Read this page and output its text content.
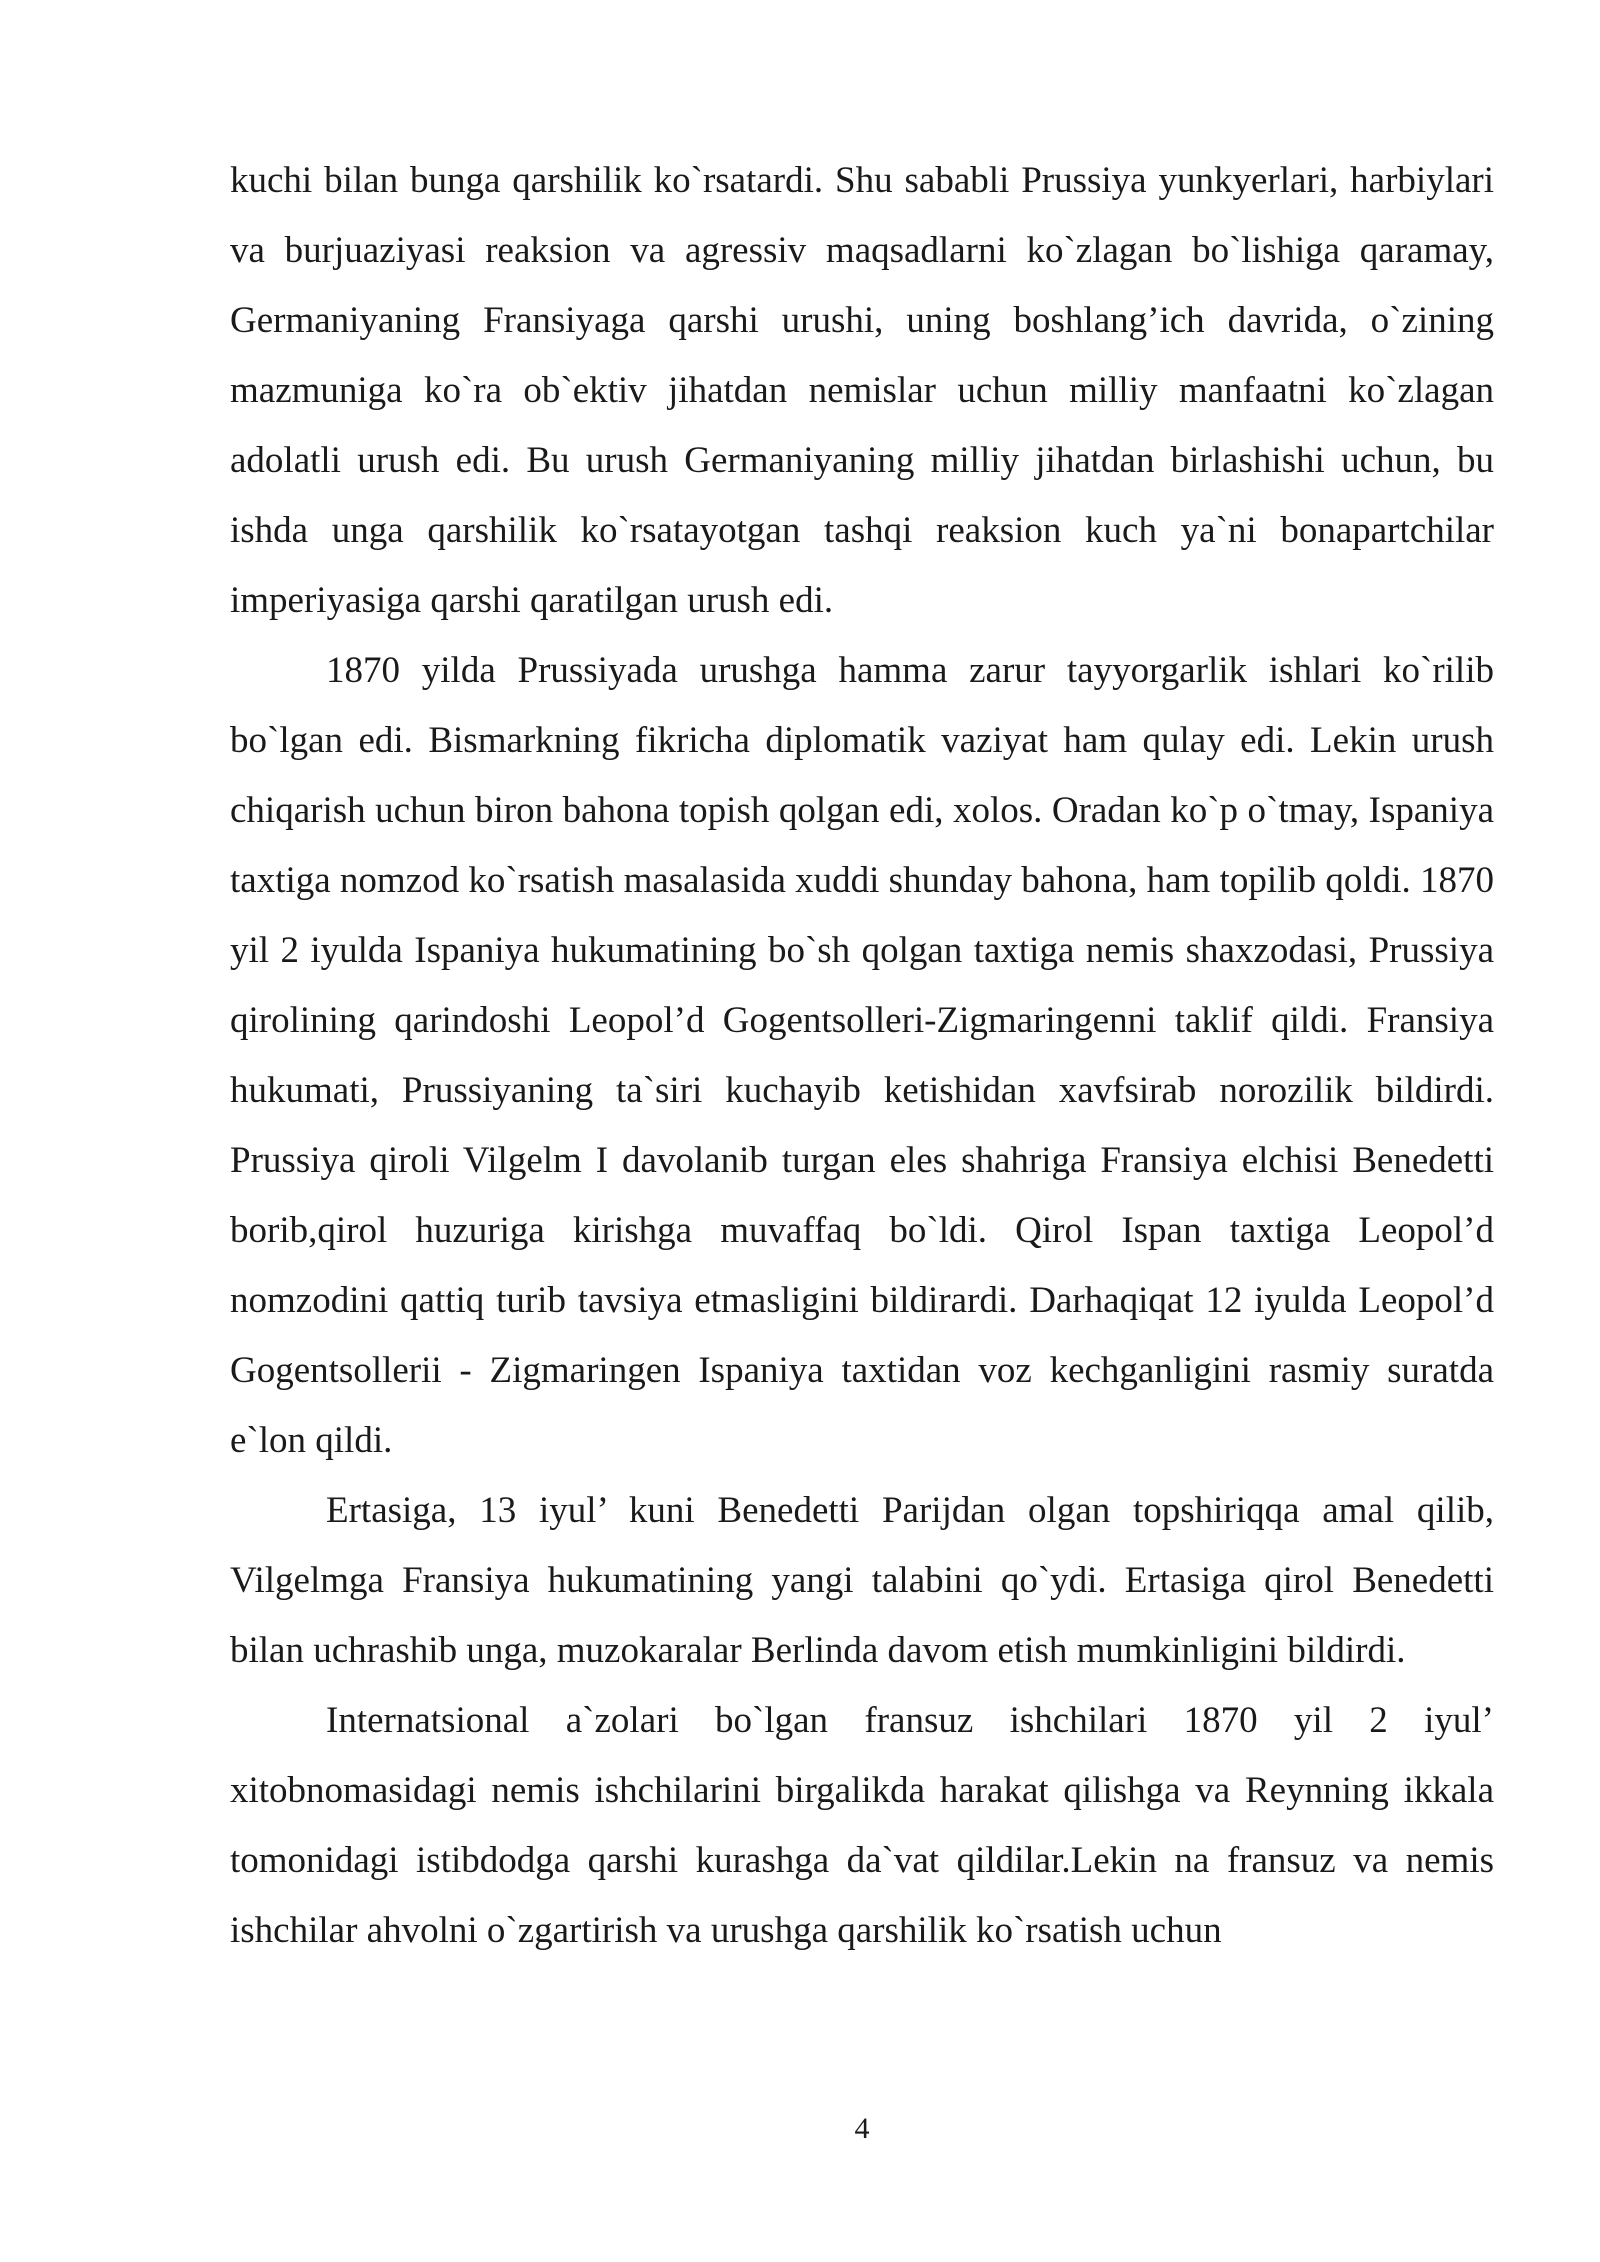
kuchi bilan bunga qarshilik ko`rsatardi. Shu sababli Prussiya yunkyerlari, harbiylari va burjuaziyasi reaksion va agressiv maqsadlarni ko`zlagan bo`lishiga qaramay, Germaniyaning Fransiyaga qarshi urushi, uning boshlang’ich davrida, o`zining mazmuniga ko`ra ob`ektiv jihatdan nemislar uchun milliy manfaatni ko`zlagan adolatli urush edi. Bu urush Germaniyaning milliy jihatdan birlashishi uchun, bu ishda unga qarshilik ko`rsatayotgan tashqi reaksion kuch ya`ni bonapartchilar imperiyasiga qarshi qaratilgan urush edi.

1870 yilda Prussiyada urushga hamma zarur tayyorgarlik ishlari ko`rilib bo`lgan edi. Bismarkning fikricha diplomatik vaziyat ham qulay edi. Lekin urush chiqarish uchun biron bahona topish qolgan edi, xolos. Oradan ko`p o`tmay, Ispaniya taxtiga nomzod ko`rsatish masalasida xuddi shunday bahona, ham topilib qoldi. 1870 yil 2 iyulda Ispaniya hukumatining bo`sh qolgan taxtiga nemis shaxzodasi, Prussiya qirolining qarindoshi Leopol’d Gogentsolleri-Zigmaringenni taklif qildi. Fransiya hukumati, Prussiyaning ta`siri kuchayib ketishidan xavfsirab norozilik bildirdi. Prussiya qiroli Vilgelm I davolanib turgan eles shahriga Fransiya elchisi Benedetti borib,qirol huzuriga kirishga muvaffaq bo`ldi. Qirol Ispan taxtiga Leopol’d nomzodini qattiq turib tavsiya etmasligini bildirardi. Darhaqiqat 12 iyulda Leopol’d Gogentsollerii - Zigmaringen Ispaniya taxtidan voz kechganligini rasmiy suratda e`lon qildi.

Ertasiga, 13 iyul’ kuni Benedetti Parijdan olgan topshiriqqa amal qilib, Vilgelmga Fransiya hukumatining yangi talabini qo`ydi. Ertasiga qirol Benedetti bilan uchrashib unga, muzokaralar Berlinda davom etish mumkinligini bildirdi.

Internatsional a`zolari bo`lgan fransuz ishchilari 1870 yil 2 iyul’ xitobnomasidagi nemis ishchilarini birgalikda harakat qilishga va Reynning ikkala tomonidagi istibdodga qarshi kurashga da`vat qildilar.Lekin na fransuz va nemis ishchilar ahvolni o`zgartirish va urushga qarshilik ko`rsatish uchun

4
